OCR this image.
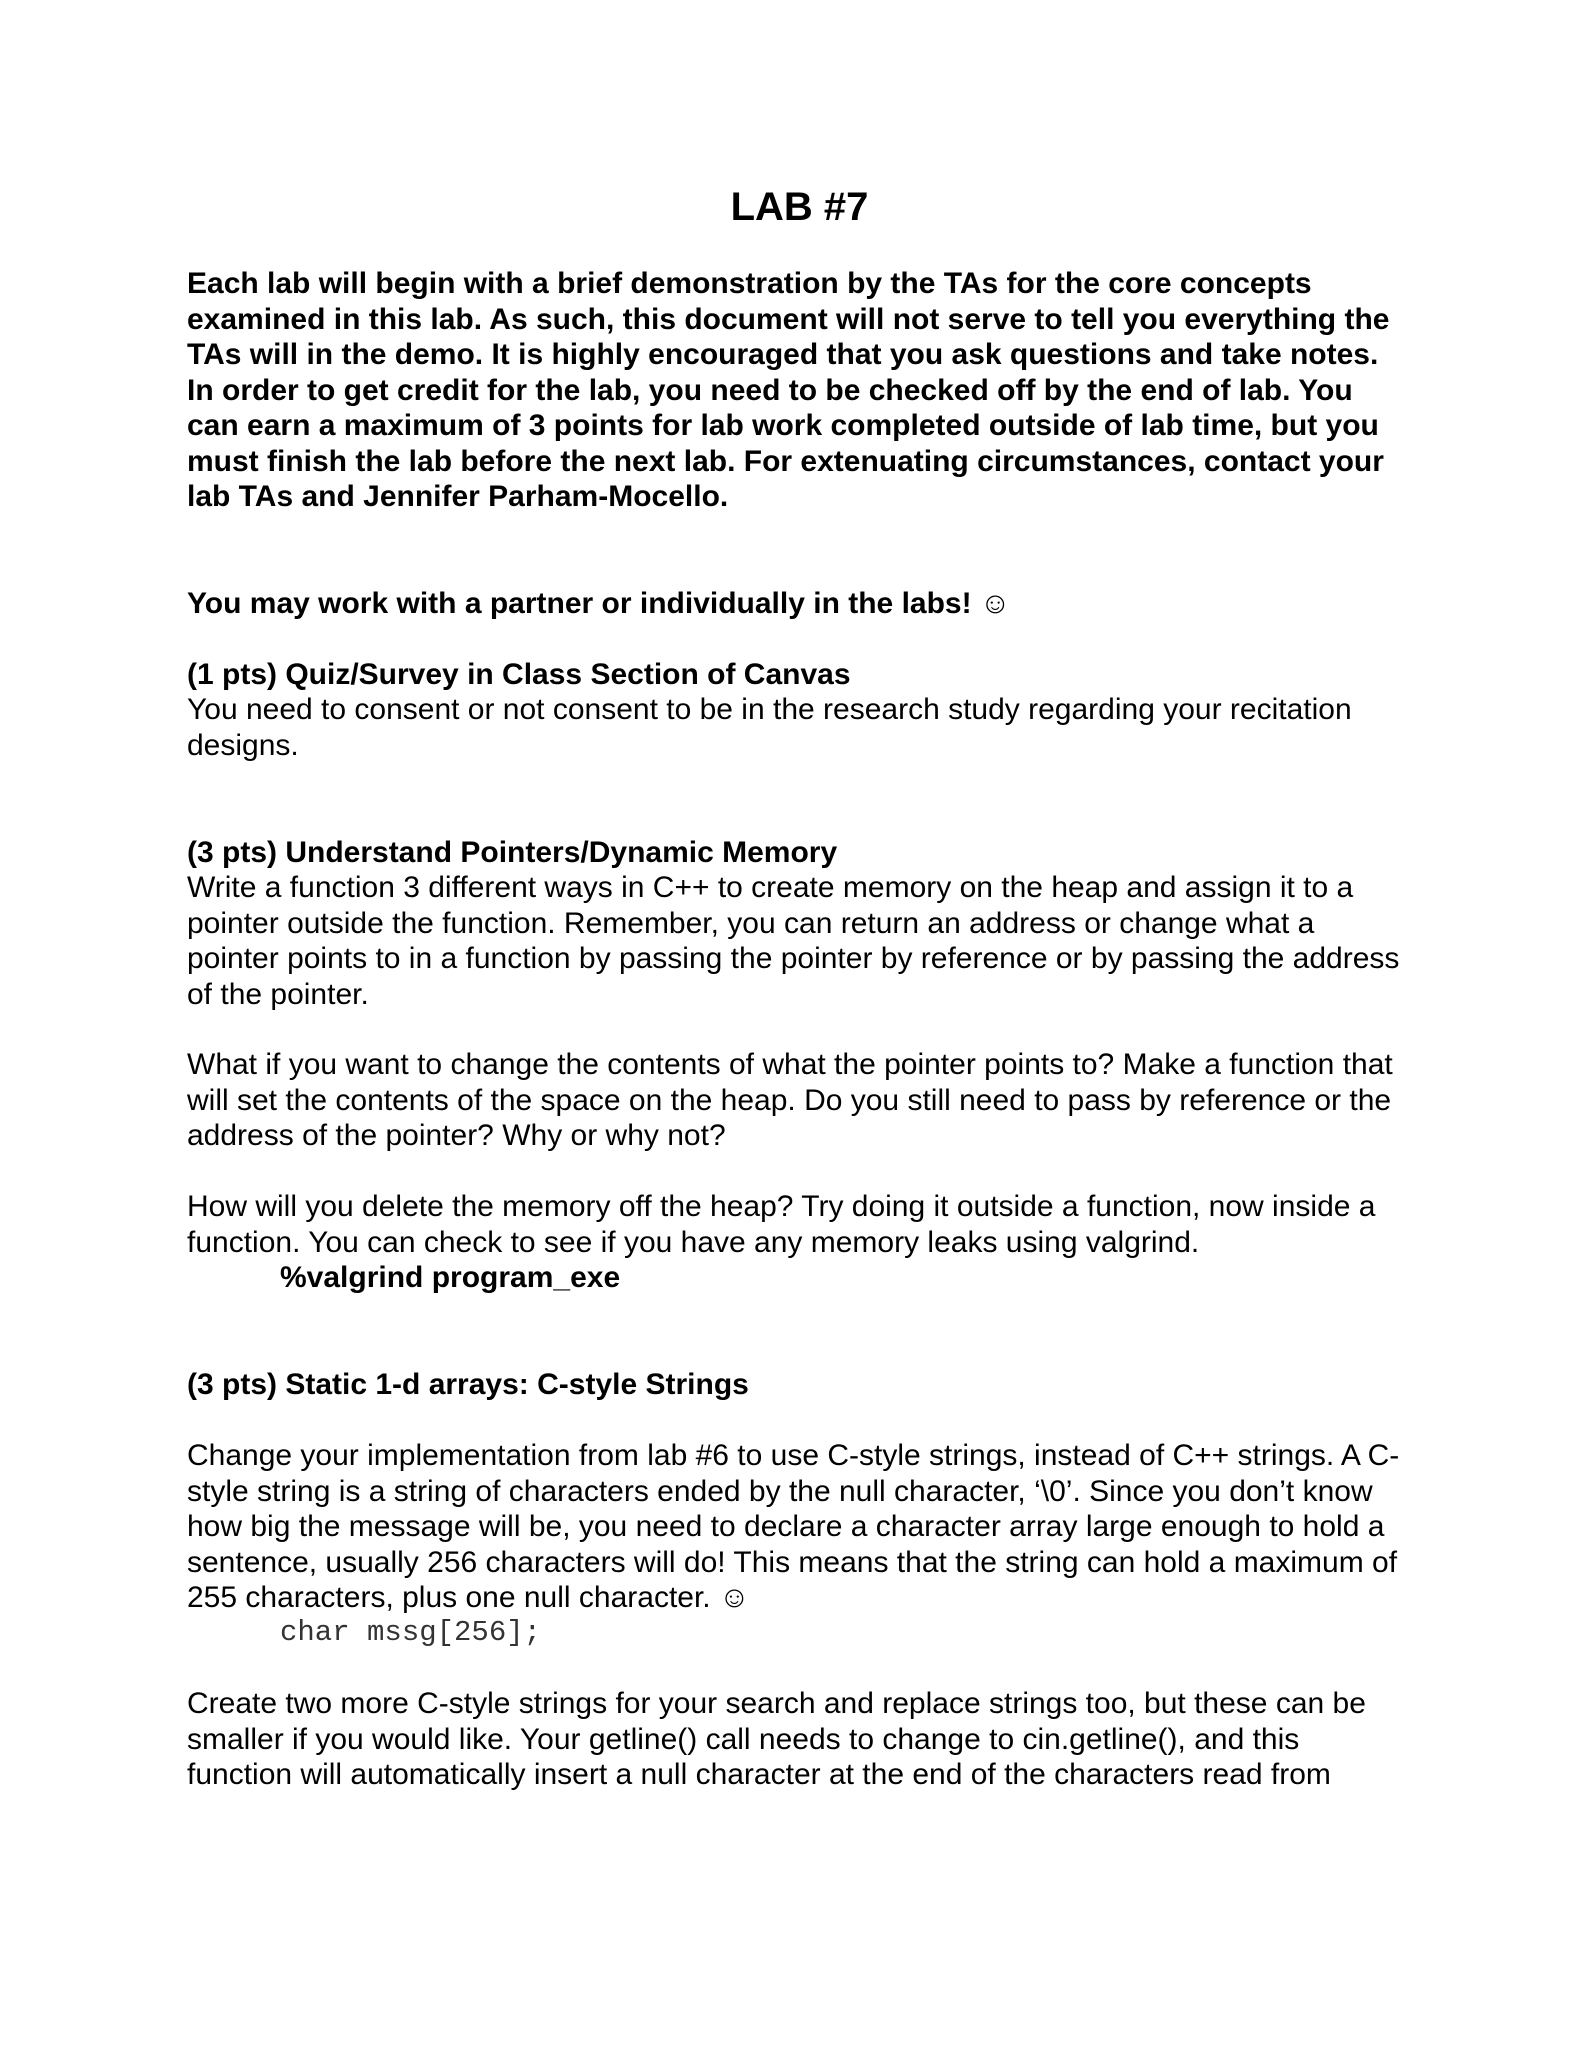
LAB #7

Each lab will begin with a brief demonstration by the TAs for the core concepts examined in this lab. As such, this document will not serve to tell you everything the TAs will in the demo. It is highly encouraged that you ask questions and take notes.

In order to get credit for the lab, you need to be checked off by the end of lab. You can earn a maximum of 3 points for lab work completed outside of lab time, but you must finish the lab before the next lab. For extenuating circumstances, contact your lab TAs and Jennifer Parham-Mocello.

You may work with a partner or individually in the labs! ☺

(1 pts) Quiz/Survey in Class Section of Canvas

You need to consent or not consent to be in the research study regarding your recitation designs.

(3 pts) Understand Pointers/Dynamic Memory

Write a function 3 different ways in C++ to create memory on the heap and assign it to a pointer outside the function. Remember, you can return an address or change what a pointer points to in a function by passing the pointer by reference or by passing the address of the pointer.

What if you want to change the contents of what the pointer points to? Make a function that will set the contents of the space on the heap. Do you still need to pass by reference or the address of the pointer? Why or why not?

How will you delete the memory off the heap? Try doing it outside a function, now inside a function. You can check to see if you have any memory leaks using valgrind.

%valgrind program_exe

(3 pts) Static 1-d arrays: C-style Strings

Change your implementation from lab #6 to use C-style strings, instead of C++ strings. A C-style string is a string of characters ended by the null character, ‘\0’. Since you don’t know how big the message will be, you need to declare a character array large enough to hold a sentence, usually 256 characters will do! This means that the string can hold a maximum of 255 characters, plus one null character. ☺

char mssg[256];

Create two more C-style strings for your search and replace strings too, but these can be smaller if you would like. Your getline() call needs to change to cin.getline(), and this function will automatically insert a null character at the end of the characters read from
